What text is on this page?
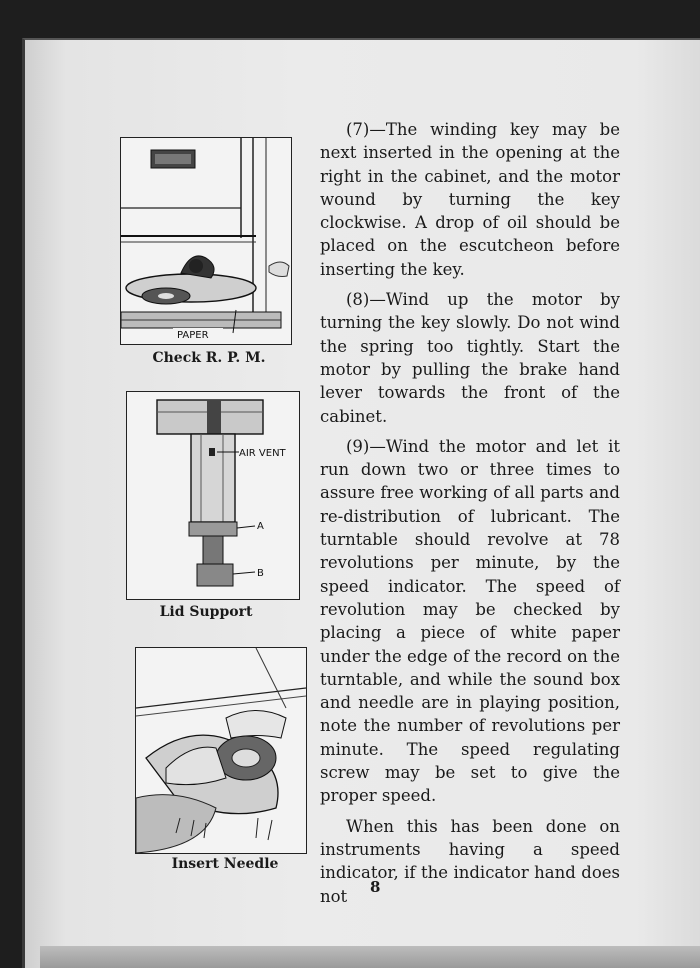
PAPER
Check R. P. M.
AIR VENT
A
B
Lid Support
Insert Needle

(7)—The winding key may be next inserted in the opening at the right in the cabinet, and the motor wound by turning the key clockwise. A drop of oil should be placed on the escutcheon before inserting the key.

(8)—Wind up the motor by turning the key slowly. Do not wind the spring too tightly. Start the motor by pulling the brake hand lever towards the front of the cabinet.

(9)—Wind the motor and let it run down two or three times to assure free working of all parts and re-distribution of lubricant. The turntable should revolve at 78 revolutions per minute, by the speed indicator. The speed of revolution may be checked by placing a piece of white paper under the edge of the record on the turntable, and while the sound box and needle are in playing position, note the number of revolutions per minute. The speed regulating screw may be set to give the proper speed.

When this has been done on instruments having a speed indicator, if the indicator hand does not	8
